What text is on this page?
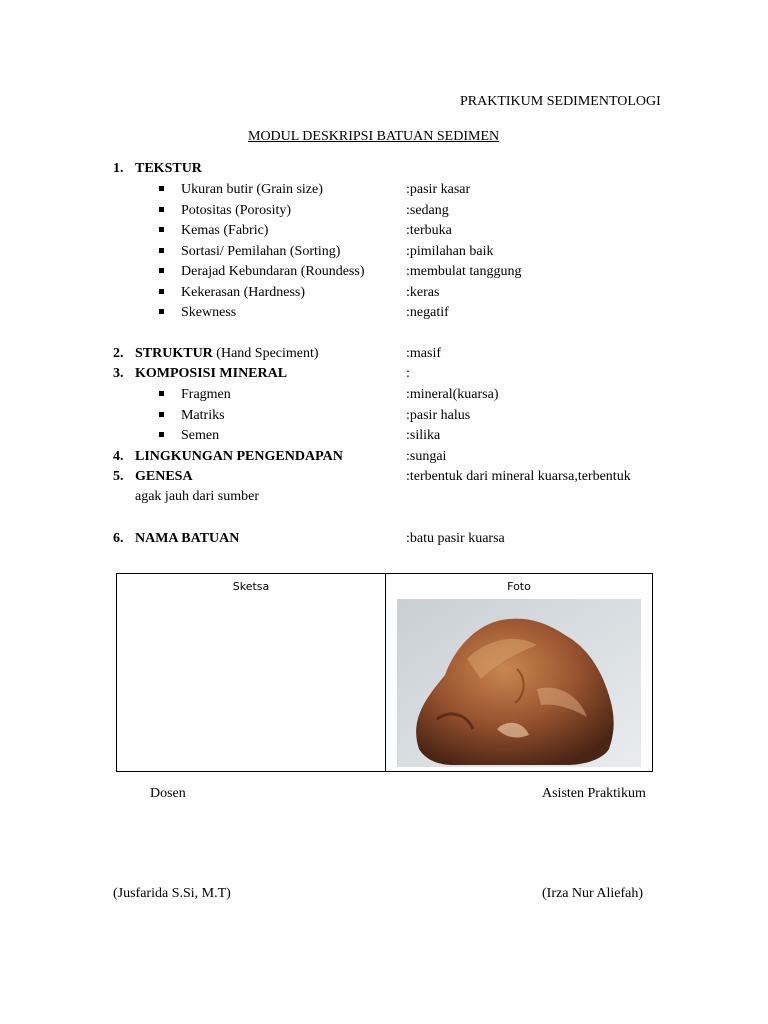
PRAKTIKUM SEDIMENTOLOGI
MODUL DESKRIPSI BATUAN SEDIMEN
1. TEKSTUR
Ukuran butir (Grain size)	:pasir kasar
Potositas (Porosity)	:sedang
Kemas (Fabric)	:terbuka
Sortasi/ Pemilahan (Sorting)	:pimilahan baik
Derajad Kebundaran (Roundess)	:membulat tanggung
Kekerasan (Hardness)	:keras
Skewness	:negatif
2. STRUKTUR (Hand Speciment)	:masif
3. KOMPOSISI MINERAL	:
Fragmen	:mineral(kuarsa)
Matriks	:pasir halus
Semen	:silika
4. LINGKUNGAN PENGENDAPAN	:sungai
5. GENESA	:terbentuk dari mineral kuarsa,terbentuk
agak jauh dari sumber
6. NAMA BATUAN	:batu pasir kuarsa
Sketsa	Foto
Dosen	Asisten Praktikum
(Jusfarida S.Si, M.T)	(Irza Nur Aliefah)
